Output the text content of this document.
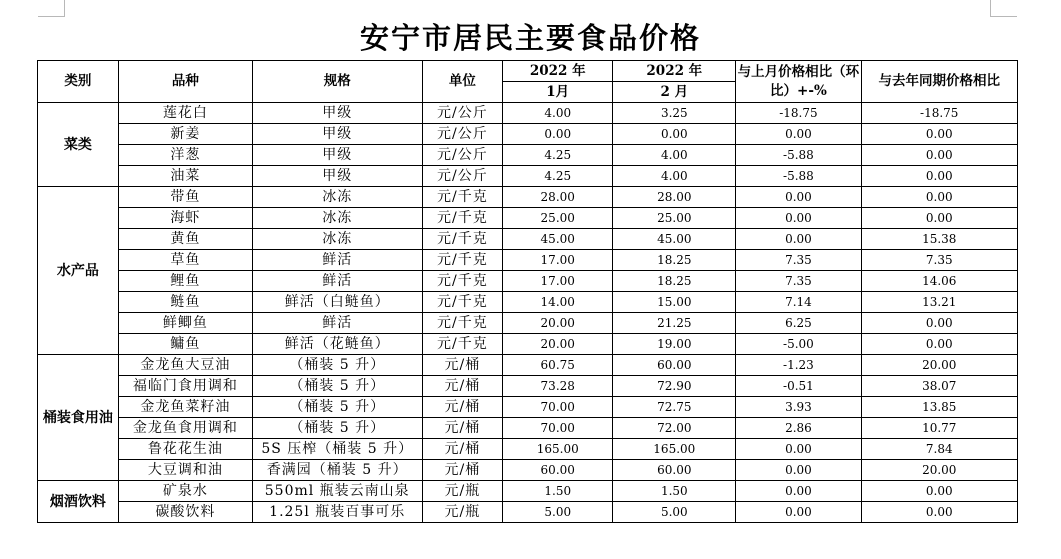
安宁市居民主要食品价格
类别	品种	规格	单位	2022 年	2022 年	与上月价格相比（环比）+-%	与去年同期价格相比
				1月	2 月		
菜类	莲花白	甲级	元/公斤	4.00	3.25	-18.75	-18.75
	新姜	甲级	元/公斤	0.00	0.00	0.00	0.00
	洋葱	甲级	元/公斤	4.25	4.00	-5.88	0.00
	油菜	甲级	元/公斤	4.25	4.00	-5.88	0.00
水产品	带鱼	冰冻	元/千克	28.00	28.00	0.00	0.00
	海虾	冰冻	元/千克	25.00	25.00	0.00	0.00
	黄鱼	冰冻	元/千克	45.00	45.00	0.00	15.38
	草鱼	鲜活	元/千克	17.00	18.25	7.35	7.35
	鲤鱼	鲜活	元/千克	17.00	18.25	7.35	14.06
	鲢鱼	鲜活（白鲢鱼）	元/千克	14.00	15.00	7.14	13.21
	鲜鲫鱼	鲜活	元/千克	20.00	21.25	6.25	0.00
	鳙鱼	鲜活（花鲢鱼）	元/千克	20.00	19.00	-5.00	0.00
桶装食用油	金龙鱼大豆油	（桶装 5 升）	元/桶	60.75	60.00	-1.23	20.00
	福临门食用调和	（桶装 5 升）	元/桶	73.28	72.90	-0.51	38.07
	金龙鱼菜籽油	（桶装 5 升）	元/桶	70.00	72.75	3.93	13.85
	金龙鱼食用调和	（桶装 5 升）	元/桶	70.00	72.00	2.86	10.77
	鲁花花生油	5S 压榨（桶装 5 升）	元/桶	165.00	165.00	0.00	7.84
	大豆调和油	香满园（桶装 5 升）	元/桶	60.00	60.00	0.00	20.00
烟酒饮料	矿泉水	550ml 瓶装云南山泉	元/瓶	1.50	1.50	0.00	0.00
	碳酸饮料	1.25l 瓶装百事可乐	元/瓶	5.00	5.00	0.00	0.00
